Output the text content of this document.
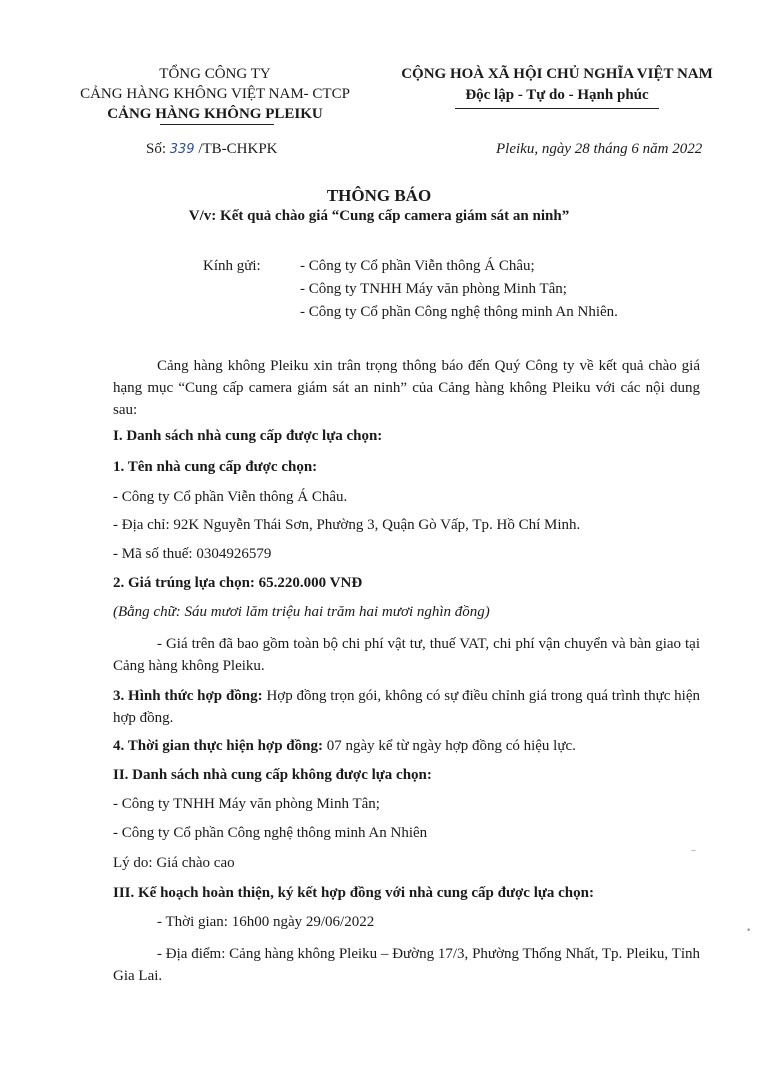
TỔNG CÔNG TY
CẢNG HÀNG KHÔNG VIỆT NAM- CTCP
CẢNG HÀNG KHÔNG PLEIKU
CỘNG HOÀ XÃ HỘI CHỦ NGHĨA VIỆT NAM
Độc lập - Tự do - Hạnh phúc
Số: 339 /TB-CHKPK	Pleiku, ngày 28 tháng 6 năm 2022
THÔNG BÁO
V/v: Kết quả chào giá “Cung cấp camera giám sát an ninh”
Kính gửi:	- Công ty Cổ phần Viễn thông Á Châu;
- Công ty TNHH Máy văn phòng Minh Tân;
- Công ty Cổ phần Công nghệ thông minh An Nhiên.
Cảng hàng không Pleiku xin trân trọng thông báo đến Quý Công ty về kết quả chào giá hạng mục “Cung cấp camera giám sát an ninh” của Cảng hàng không Pleiku với các nội dung sau:
I. Danh sách nhà cung cấp được lựa chọn:
1. Tên nhà cung cấp được chọn:
- Công ty Cổ phần Viễn thông Á Châu.
- Địa chỉ: 92K Nguyễn Thái Sơn, Phường 3, Quận Gò Vấp, Tp. Hồ Chí Minh.
- Mã số thuế: 0304926579
2. Giá trúng lựa chọn: 65.220.000 VNĐ
(Bằng chữ: Sáu mươi lăm triệu hai trăm hai mươi nghìn đồng)
- Giá trên đã bao gồm toàn bộ chi phí vật tư, thuế VAT, chi phí vận chuyển và bàn giao tại Cảng hàng không Pleiku.
3. Hình thức hợp đồng: Hợp đồng trọn gói, không có sự điều chỉnh giá trong quá trình thực hiện hợp đồng.
4. Thời gian thực hiện hợp đồng: 07 ngày kể từ ngày hợp đồng có hiệu lực.
II. Danh sách nhà cung cấp không được lựa chọn:
- Công ty TNHH Máy văn phòng Minh Tân;
- Công ty Cổ phần Công nghệ thông minh An Nhiên
Lý do: Giá chào cao
III. Kế hoạch hoàn thiện, ký kết hợp đồng với nhà cung cấp được lựa chọn:
- Thời gian: 16h00 ngày 29/06/2022
- Địa điểm: Cảng hàng không Pleiku – Đường 17/3, Phường Thống Nhất, Tp. Pleiku, Tỉnh Gia Lai.
–
•
